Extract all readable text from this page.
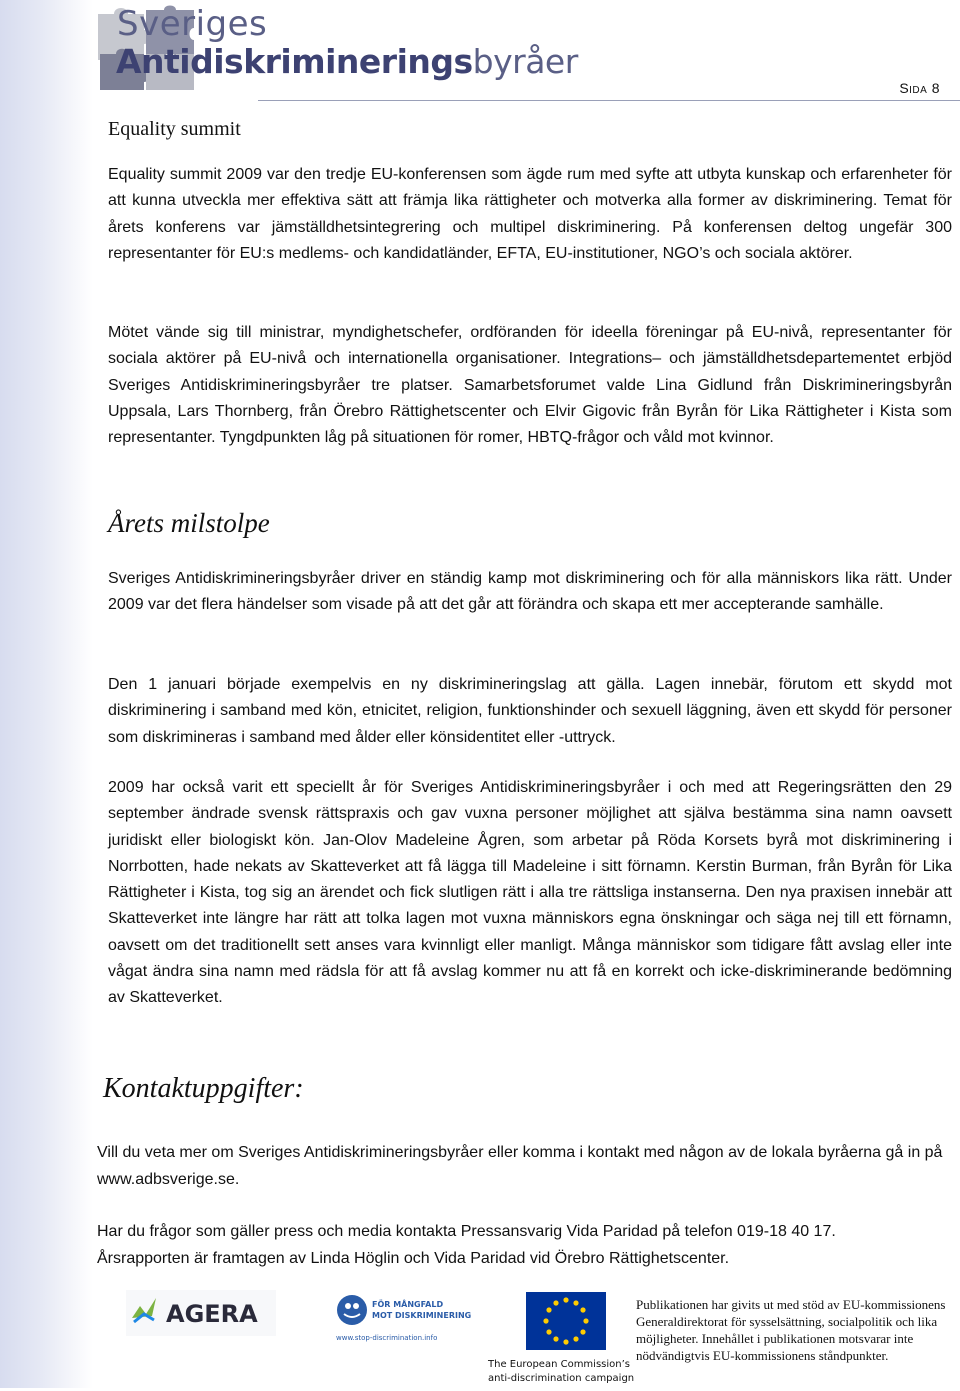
Sveriges
Antidiskrimineringsbyråer
Sida 8
Equality summit

Equality summit 2009 var den tredje EU-konferensen som ägde rum med syfte att utbyta kunskap och erfarenheter för att kunna utveckla mer effektiva sätt att främja lika rättigheter och motverka alla former av diskriminering. Temat för årets konferens var jämställdhetsintegrering och multipel diskriminering. På konferensen deltog ungefär 300 representanter för EU:s medlems- och kandidatländer, EFTA, EU-institutioner, NGO’s och sociala aktörer.

Mötet vände sig till ministrar, myndighetschefer, ordföranden för ideella föreningar på EU-nivå, representanter för sociala aktörer på EU-nivå och internationella organisationer. Integrations– och jämställdhetsdepartementet erbjöd Sveriges Antidiskrimineringsbyråer tre platser. Samarbetsforumet valde Lina Gidlund från Diskrimineringsbyrån Uppsala, Lars Thornberg, från Örebro Rättighetscenter och Elvir Gigovic från Byrån för Lika Rättigheter i Kista som representanter. Tyngdpunkten låg på situationen för romer, HBTQ-frågor och våld mot kvinnor.

Årets milstolpe

Sveriges Antidiskrimineringsbyråer driver en ständig kamp mot diskriminering och för alla människors lika rätt. Under 2009 var det flera händelser som visade på att det går att förändra och skapa ett mer accepterande samhälle.

Den 1 januari började exempelvis en ny diskrimineringslag att gälla. Lagen innebär, förutom ett skydd mot diskriminering i samband med kön, etnicitet, religion, funktionshinder och sexuell läggning, även ett skydd för personer som diskrimineras i samband med ålder eller könsidentitet eller -uttryck.

2009 har också varit ett speciellt år för Sveriges Antidiskrimineringsbyråer i och med att Regeringsrätten den 29 september ändrade svensk rättspraxis och gav vuxna personer möjlighet att själva bestämma sina namn oavsett juridiskt eller biologiskt kön. Jan-Olov Madeleine Ågren, som arbetar på Röda Korsets byrå mot diskriminering i Norrbotten, hade nekats av Skatteverket att få lägga till Madeleine i sitt förnamn. Kerstin Burman, från Byrån för Lika Rättigheter i Kista, tog sig an ärendet och fick slutligen rätt i alla tre rättsliga instanserna. Den nya praxisen innebär att Skatteverket inte längre har rätt att tolka lagen mot vuxna människors egna önskningar och säga nej till ett förnamn, oavsett om det traditionellt sett anses vara kvinnligt eller manligt. Många människor som tidigare fått avslag eller inte vågat ändra sina namn med rädsla för att få avslag kommer nu att få en korrekt och icke-diskriminerande bedömning av Skatteverket.

Kontaktuppgifter:

Vill du veta mer om Sveriges Antidiskrimineringsbyråer eller komma i kontakt med någon av de lokala byråerna gå in på www.adbsverige.se.

Har du frågor som gäller press och media kontakta Pressansvarig Vida Paridad på telefon 019-18 40 17.
Årsrapporten är framtagen av Linda Höglin och Vida Paridad vid Örebro Rättighetscenter.

AGERA	FÖR MÅNGFALD
MOT DISKRIMINERING
www.stop-discrimination.info
The European Commission’s
anti-discrimination campaign
Publikationen har givits ut med stöd av EU-kommissionens Generaldirektorat för sysselsättning, socialpolitik och lika möjligheter. Innehållet i publikationen motsvarar inte nödvändigtvis EU-kommissionens ståndpunkter.
